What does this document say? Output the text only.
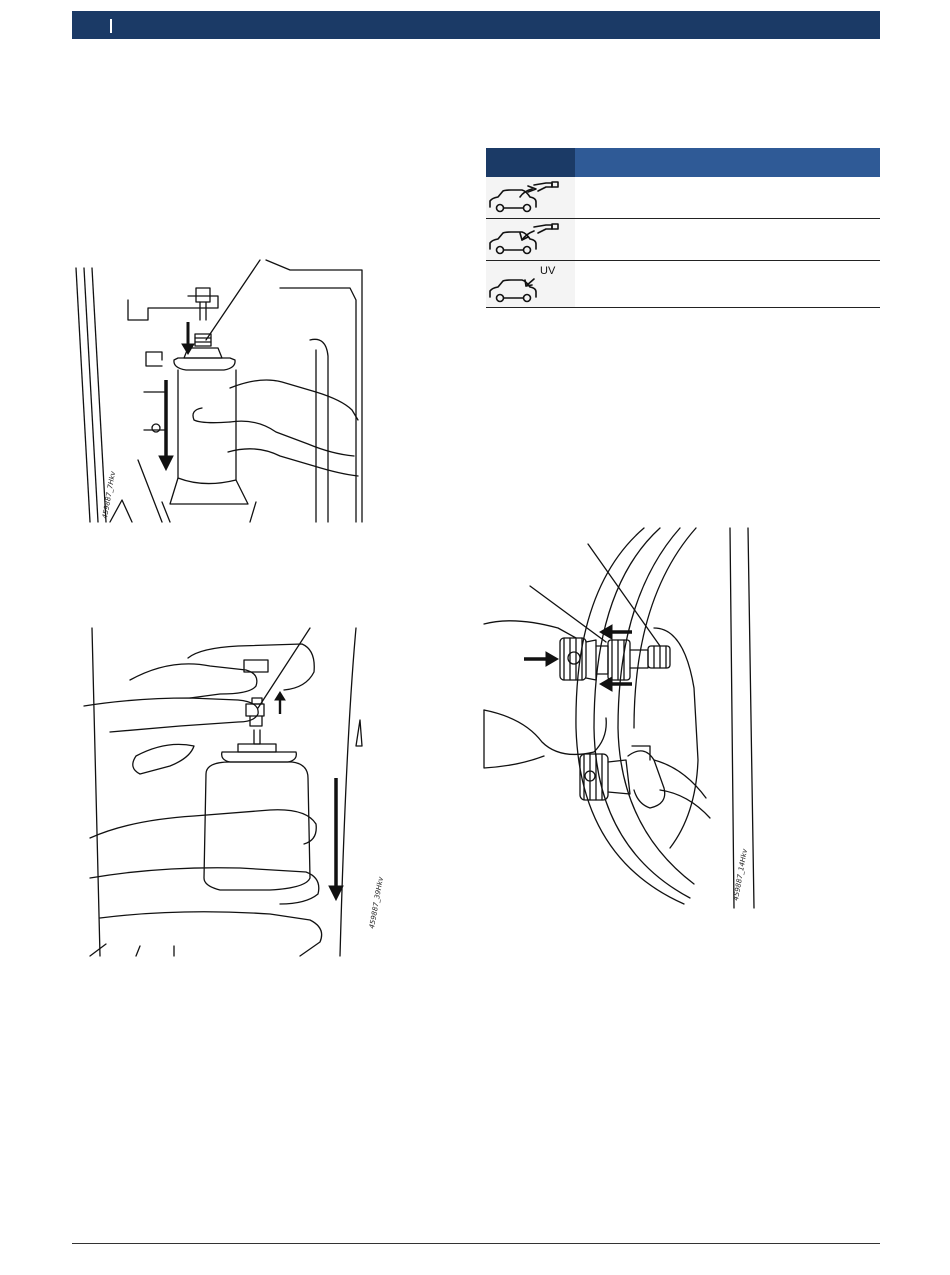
UV	

459887_7Hkv
459887_39Hkv
459887_14Hkv
